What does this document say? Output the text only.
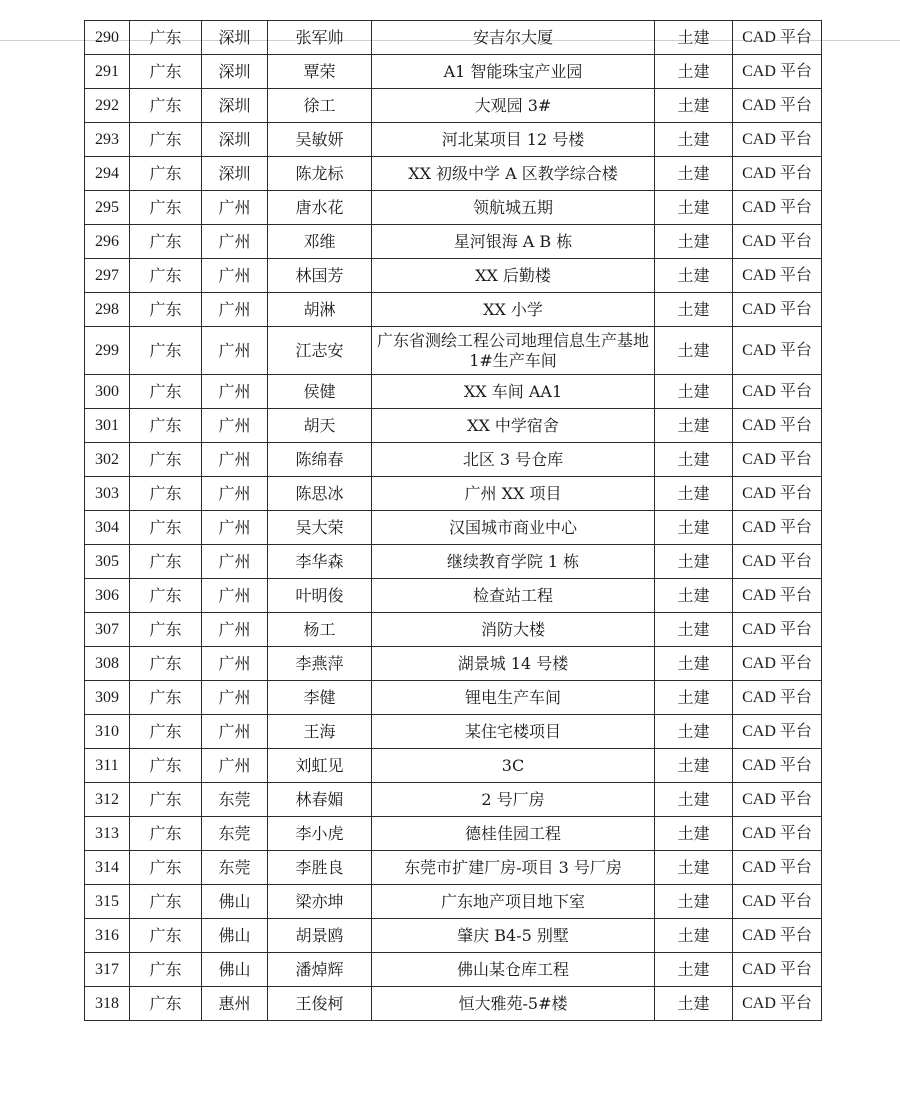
290	广东	深圳	张军帅	安吉尔大厦	土建	CAD 平台
291	广东	深圳	覃荣	A1 智能珠宝产业园	土建	CAD 平台
292	广东	深圳	徐工	大观园 3#	土建	CAD 平台
293	广东	深圳	吴敏妍	河北某项目 12 号楼	土建	CAD 平台
294	广东	深圳	陈龙标	XX 初级中学 A 区教学综合楼	土建	CAD 平台
295	广东	广州	唐水花	领航城五期	土建	CAD 平台
296	广东	广州	邓维	星河银海 A B 栋	土建	CAD 平台
297	广东	广州	林国芳	XX 后勤楼	土建	CAD 平台
298	广东	广州	胡淋	XX 小学	土建	CAD 平台
299	广东	广州	江志安	广东省测绘工程公司地理信息生产基地 1#生产车间	土建	CAD 平台
300	广东	广州	侯健	XX 车间 AA1	土建	CAD 平台
301	广东	广州	胡天	XX 中学宿舍	土建	CAD 平台
302	广东	广州	陈绵春	北区 3 号仓库	土建	CAD 平台
303	广东	广州	陈思冰	广州 XX 项目	土建	CAD 平台
304	广东	广州	吴大荣	汉国城市商业中心	土建	CAD 平台
305	广东	广州	李华森	继续教育学院 1 栋	土建	CAD 平台
306	广东	广州	叶明俊	检查站工程	土建	CAD 平台
307	广东	广州	杨工	消防大楼	土建	CAD 平台
308	广东	广州	李燕萍	湖景城 14 号楼	土建	CAD 平台
309	广东	广州	李健	锂电生产车间	土建	CAD 平台
310	广东	广州	王海	某住宅楼项目	土建	CAD 平台
311	广东	广州	刘虹见	3C	土建	CAD 平台
312	广东	东莞	林春媚	2 号厂房	土建	CAD 平台
313	广东	东莞	李小虎	德桂佳园工程	土建	CAD 平台
314	广东	东莞	李胜良	东莞市扩建厂房-项目 3 号厂房	土建	CAD 平台
315	广东	佛山	梁亦坤	广东地产项目地下室	土建	CAD 平台
316	广东	佛山	胡景鸥	肇庆 B4-5 别墅	土建	CAD 平台
317	广东	佛山	潘焯辉	佛山某仓库工程	土建	CAD 平台
318	广东	惠州	王俊柯	恒大雅苑-5#楼	土建	CAD 平台
